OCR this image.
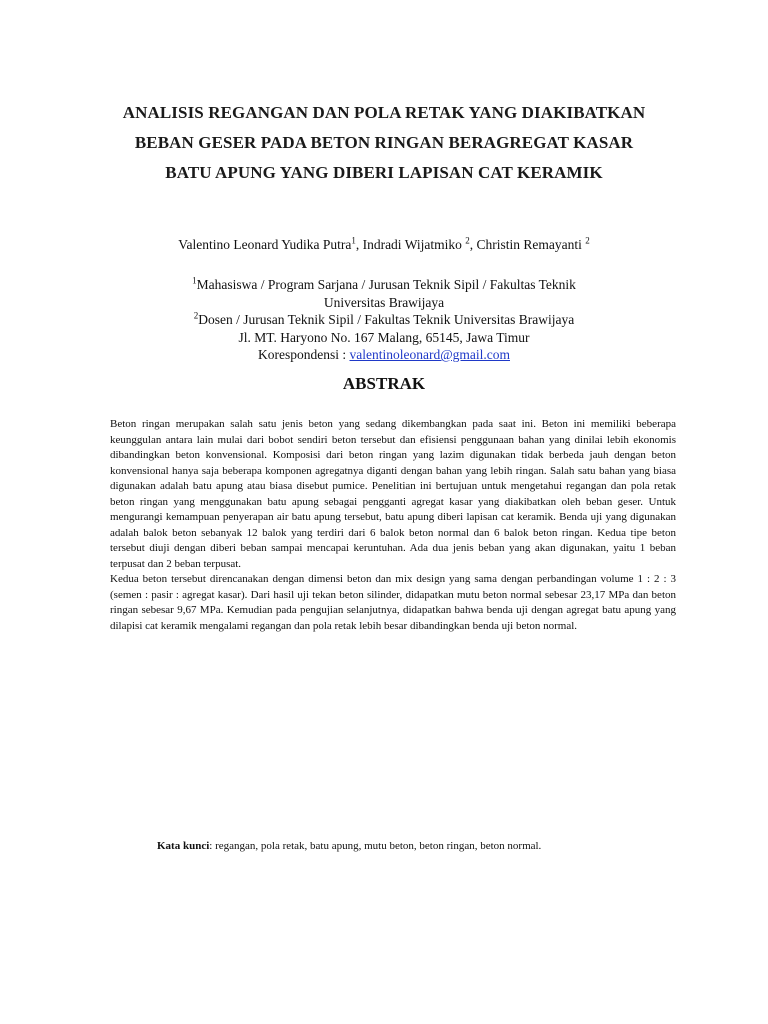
ANALISIS REGANGAN DAN POLA RETAK YANG DIAKIBATKAN
BEBAN GESER PADA BETON RINGAN BERAGREGAT KASAR
BATU APUNG YANG DIBERI LAPISAN CAT KERAMIK
Valentino Leonard Yudika Putra$^1$, Indradi Wijatmiko $^2$, Christin Remayanti $^2$
$^1$Mahasiswa / Program Sarjana / Jurusan Teknik Sipil / Fakultas Teknik
Universitas Brawijaya
$^2$Dosen / Jurusan Teknik Sipil / Fakultas Teknik Universitas Brawijaya
Jl. MT. Haryono No. 167 Malang, 65145, Jawa Timur
Korespondensi : valentinoleonard@gmail.com
ABSTRAK

Beton ringan merupakan salah satu jenis beton yang sedang dikembangkan pada saat ini. Beton ini memiliki beberapa keunggulan antara lain mulai dari bobot sendiri beton tersebut dan efisiensi penggunaan bahan yang dinilai lebih ekonomis dibandingkan beton konvensional. Komposisi dari beton ringan yang lazim digunakan tidak berbeda jauh dengan beton konvensional hanya saja beberapa komponen agregatnya diganti dengan bahan yang lebih ringan. Salah satu bahan yang biasa digunakan adalah batu apung atau biasa disebut pumice. Penelitian ini bertujuan untuk mengetahui regangan dan pola retak beton ringan yang menggunakan batu apung sebagai pengganti agregat kasar yang diakibatkan oleh beban geser. Untuk mengurangi kemampuan penyerapan air batu apung tersebut, batu apung diberi lapisan cat keramik. Benda uji yang digunakan adalah balok beton sebanyak 12 balok yang terdiri dari 6 balok beton normal dan 6 balok beton ringan. Kedua tipe beton tersebut diuji dengan diberi beban sampai mencapai keruntuhan. Ada dua jenis beban yang akan digunakan, yaitu 1 beban terpusat dan 2 beban terpusat.

Kedua beton tersebut direncanakan dengan dimensi beton dan mix design yang sama dengan perbandingan volume 1 : 2 : 3 (semen : pasir : agregat kasar). Dari hasil uji tekan beton silinder, didapatkan mutu beton normal sebesar 23,17 MPa dan beton ringan sebesar 9,67 MPa. Kemudian pada pengujian selanjutnya, didapatkan bahwa benda uji dengan agregat batu apung yang dilapisi cat keramik mengalami regangan dan pola retak lebih besar dibandingkan benda uji beton normal.

Kata kunci: regangan, pola retak, batu apung, mutu beton, beton ringan, beton normal.
